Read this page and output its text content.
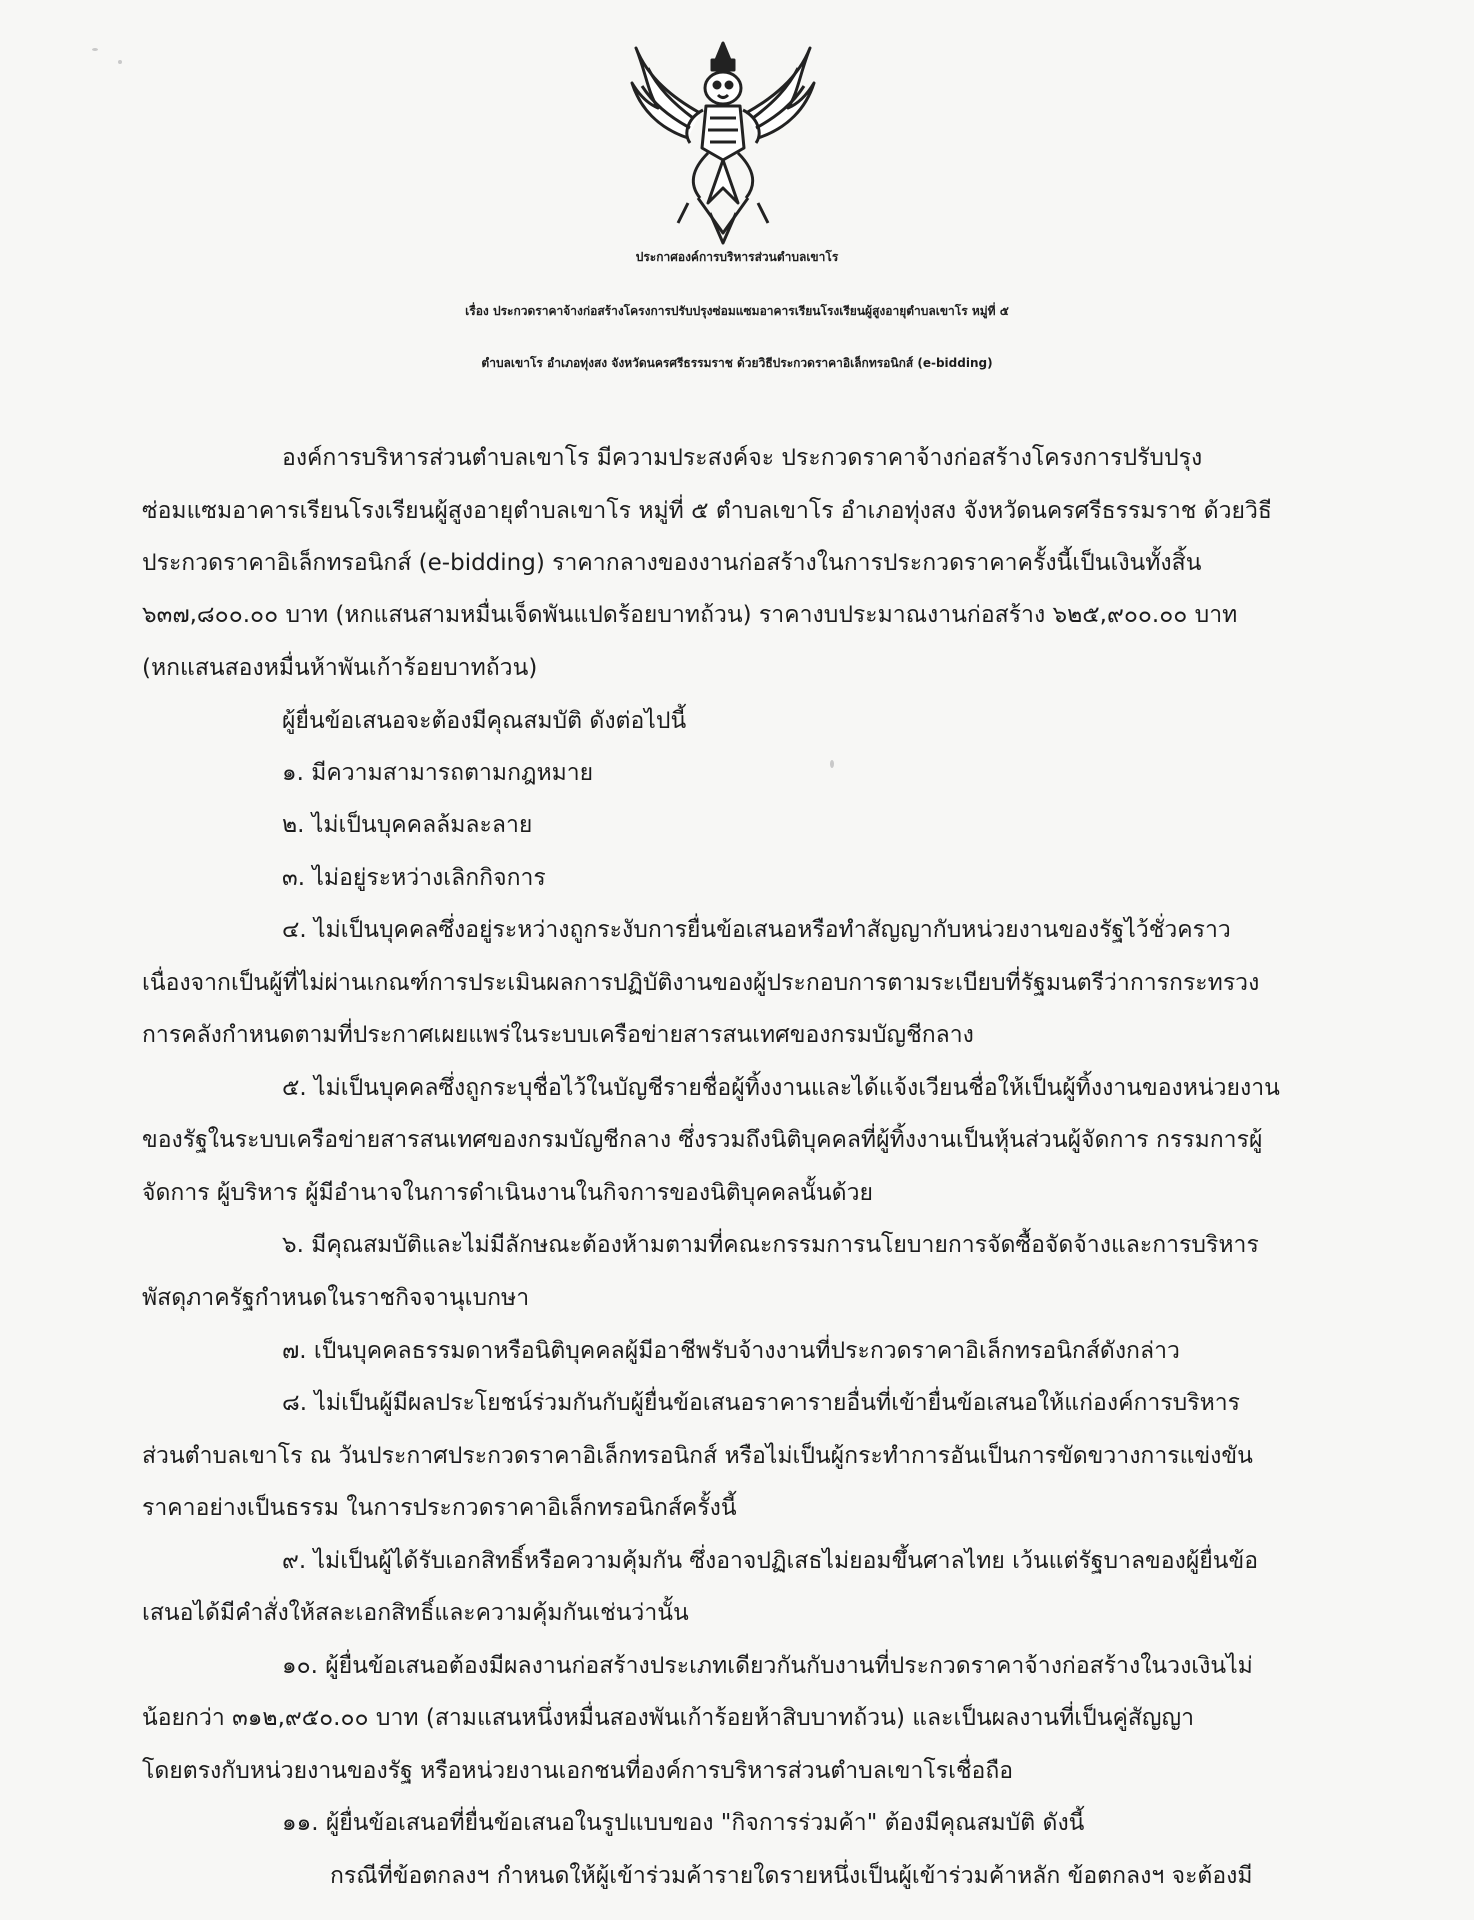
ประกาศองค์การบริหารส่วนตำบลเขาโร
เรื่อง ประกวดราคาจ้างก่อสร้างโครงการปรับปรุงซ่อมแซมอาคารเรียนโรงเรียนผู้สูงอายุตำบลเขาโร หมู่ที่ ๕
ตำบลเขาโร อำเภอทุ่งสง จังหวัดนครศรีธรรมราช ด้วยวิธีประกวดราคาอิเล็กทรอนิกส์ (e-bidding)
องค์การบริหารส่วนตำบลเขาโร มีความประสงค์จะ ประกวดราคาจ้างก่อสร้างโครงการปรับปรุง
ซ่อมแซมอาคารเรียนโรงเรียนผู้สูงอายุตำบลเขาโร หมู่ที่ ๕ ตำบลเขาโร อำเภอทุ่งสง จังหวัดนครศรีธรรมราช ด้วยวิธี
ประกวดราคาอิเล็กทรอนิกส์ (e-bidding) ราคากลางของงานก่อสร้างในการประกวดราคาครั้งนี้เป็นเงินทั้งสิ้น
๖๓๗,๘๐๐.๐๐ บาท (หกแสนสามหมื่นเจ็ดพันแปดร้อยบาทถ้วน) ราคางบประมาณงานก่อสร้าง ๖๒๕,๙๐๐.๐๐ บาท
(หกแสนสองหมื่นห้าพันเก้าร้อยบาทถ้วน)
ผู้ยื่นข้อเสนอจะต้องมีคุณสมบัติ ดังต่อไปนี้
๑. มีความสามารถตามกฎหมาย
๒. ไม่เป็นบุคคลล้มละลาย
๓. ไม่อยู่ระหว่างเลิกกิจการ
๔. ไม่เป็นบุคคลซึ่งอยู่ระหว่างถูกระงับการยื่นข้อเสนอหรือทำสัญญากับหน่วยงานของรัฐไว้ชั่วคราว
เนื่องจากเป็นผู้ที่ไม่ผ่านเกณฑ์การประเมินผลการปฏิบัติงานของผู้ประกอบการตามระเบียบที่รัฐมนตรีว่าการกระทรวง
การคลังกำหนดตามที่ประกาศเผยแพร่ในระบบเครือข่ายสารสนเทศของกรมบัญชีกลาง
๕. ไม่เป็นบุคคลซึ่งถูกระบุชื่อไว้ในบัญชีรายชื่อผู้ทิ้งงานและได้แจ้งเวียนชื่อให้เป็นผู้ทิ้งงานของหน่วยงาน
ของรัฐในระบบเครือข่ายสารสนเทศของกรมบัญชีกลาง ซึ่งรวมถึงนิติบุคคลที่ผู้ทิ้งงานเป็นหุ้นส่วนผู้จัดการ กรรมการผู้
จัดการ ผู้บริหาร ผู้มีอำนาจในการดำเนินงานในกิจการของนิติบุคคลนั้นด้วย
๖. มีคุณสมบัติและไม่มีลักษณะต้องห้ามตามที่คณะกรรมการนโยบายการจัดซื้อจัดจ้างและการบริหาร
พัสดุภาครัฐกำหนดในราชกิจจานุเบกษา
๗. เป็นบุคคลธรรมดาหรือนิติบุคคลผู้มีอาชีพรับจ้างงานที่ประกวดราคาอิเล็กทรอนิกส์ดังกล่าว
๘. ไม่เป็นผู้มีผลประโยชน์ร่วมกันกับผู้ยื่นข้อเสนอราคารายอื่นที่เข้ายื่นข้อเสนอให้แก่องค์การบริหาร
ส่วนตำบลเขาโร ณ วันประกาศประกวดราคาอิเล็กทรอนิกส์ หรือไม่เป็นผู้กระทำการอันเป็นการขัดขวางการแข่งขัน
ราคาอย่างเป็นธรรม ในการประกวดราคาอิเล็กทรอนิกส์ครั้งนี้
๙. ไม่เป็นผู้ได้รับเอกสิทธิ์หรือความคุ้มกัน ซึ่งอาจปฏิเสธไม่ยอมขึ้นศาลไทย เว้นแต่รัฐบาลของผู้ยื่นข้อ
เสนอได้มีคำสั่งให้สละเอกสิทธิ์และความคุ้มกันเช่นว่านั้น
๑๐. ผู้ยื่นข้อเสนอต้องมีผลงานก่อสร้างประเภทเดียวกันกับงานที่ประกวดราคาจ้างก่อสร้างในวงเงินไม่
น้อยกว่า ๓๑๒,๙๕๐.๐๐ บาท (สามแสนหนึ่งหมื่นสองพันเก้าร้อยห้าสิบบาทถ้วน) และเป็นผลงานที่เป็นคู่สัญญา
โดยตรงกับหน่วยงานของรัฐ หรือหน่วยงานเอกชนที่องค์การบริหารส่วนตำบลเขาโรเชื่อถือ
๑๑. ผู้ยื่นข้อเสนอที่ยื่นข้อเสนอในรูปแบบของ "กิจการร่วมค้า" ต้องมีคุณสมบัติ ดังนี้
กรณีที่ข้อตกลงฯ กำหนดให้ผู้เข้าร่วมค้ารายใดรายหนึ่งเป็นผู้เข้าร่วมค้าหลัก ข้อตกลงฯ จะต้องมี
